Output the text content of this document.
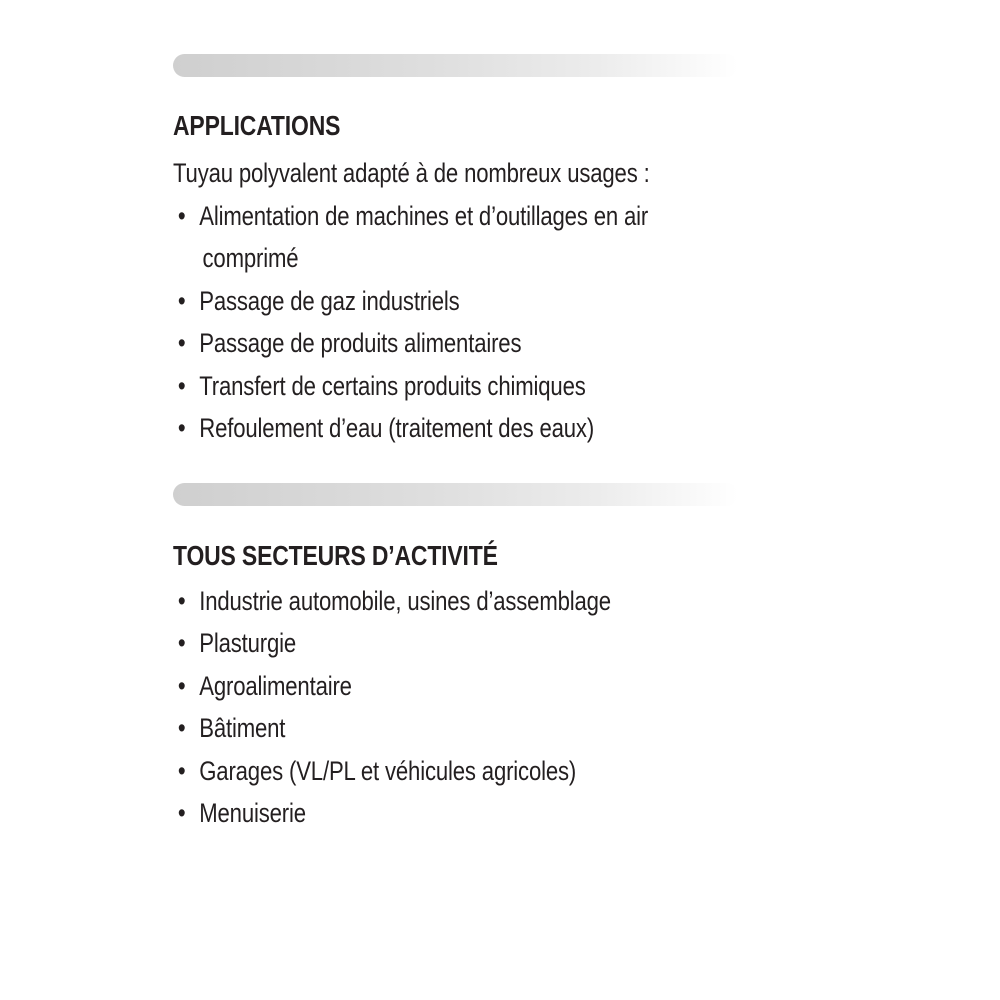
APPLICATIONS

Tuyau polyvalent adapté à de nombreux usages :

• Alimentation de machines et d’outillages en air
comprimé
• Passage de gaz industriels
• Passage de produits alimentaires
• Transfert de certains produits chimiques
• Refoulement d’eau (traitement des eaux)
TOUS SECTEURS D’ACTIVITÉ
• Industrie automobile, usines d’assemblage
• Plasturgie
• Agroalimentaire
• Bâtiment
• Garages (VL/PL et véhicules agricoles)
• Menuiserie
